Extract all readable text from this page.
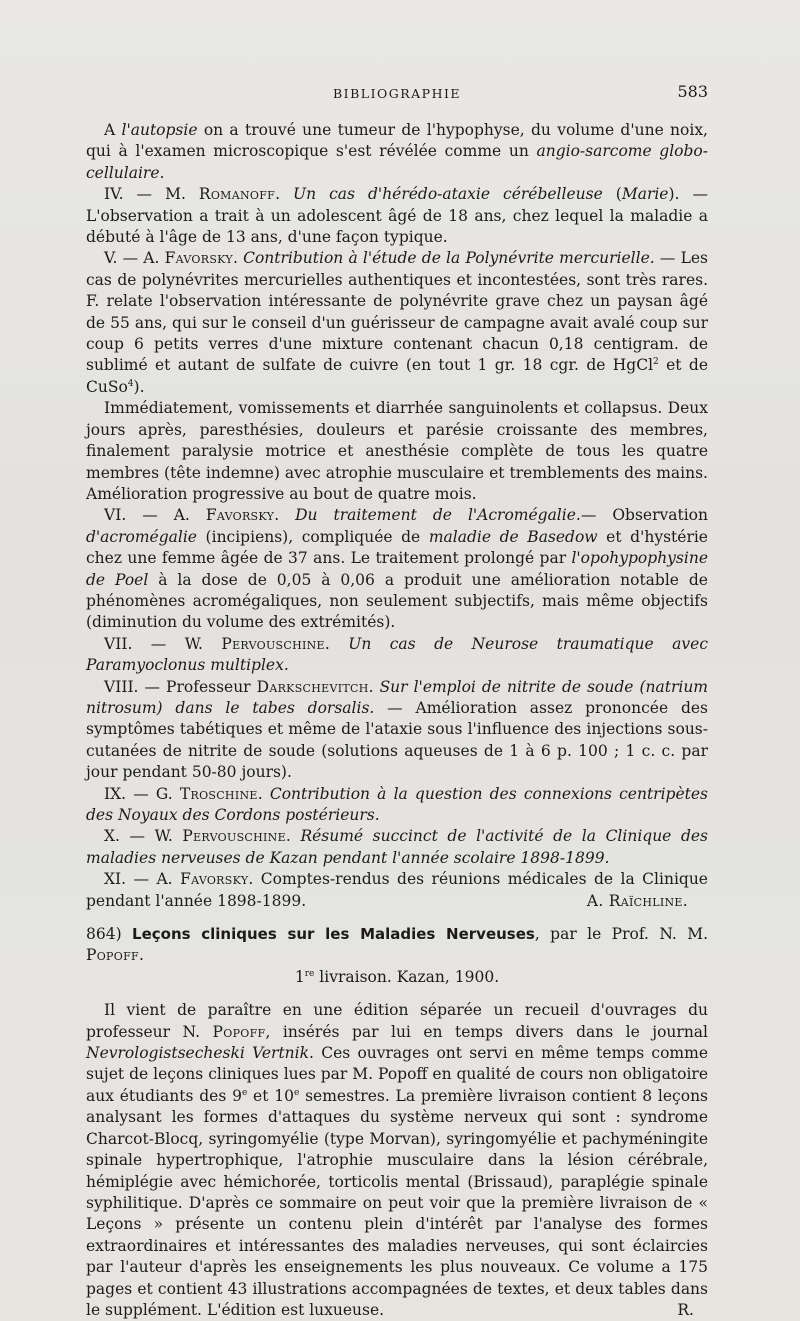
BIBLIOGRAPHIE	583

A l'autopsie on a trouvé une tumeur de l'hypophyse, du volume d'une noix, qui à l'examen microscopique s'est révélée comme un angio-sarcome globo-cellulaire.

IV. — M. Romanoff. Un cas d'hérédo-ataxie cérébelleuse (Marie). — L'observation a trait à un adolescent âgé de 18 ans, chez lequel la maladie a débuté à l'âge de 13 ans, d'une façon typique.

V. — A. Favorsky. Contribution à l'étude de la Polynévrite mercurielle. — Les cas de polynévrites mercurielles authentiques et incontestées, sont très rares. F. relate l'observation intéressante de polynévrite grave chez un paysan âgé de 55 ans, qui sur le conseil d'un guérisseur de campagne avait avalé coup sur coup 6 petits verres d'une mixture contenant chacun 0,18 centigram. de sublimé et autant de sulfate de cuivre (en tout 1 gr. 18 cgr. de HgCl$^2$ et de CuSo$^4$).

Immédiatement, vomissements et diarrhée sanguinolents et collapsus. Deux jours après, paresthésies, douleurs et parésie croissante des membres, finalement paralysie motrice et anesthésie complète de tous les quatre membres (tête indemne) avec atrophie musculaire et tremblements des mains. Amélioration progressive au bout de quatre mois.

VI. — A. Favorsky. Du traitement de l'Acromégalie.— Observation d'acromégalie (incipiens), compliquée de maladie de Basedow et d'hystérie chez une femme âgée de 37 ans. Le traitement prolongé par l'opohypophysine de Poel à la dose de 0,05 à 0,06 a produit une amélioration notable de phénomènes acromégaliques, non seulement subjectifs, mais même objectifs (diminution du volume des extrémités).

VII. — W. Pervouschine. Un cas de Neurose traumatique avec Paramyoclonus multiplex.

VIII. — Professeur Darkschevitch. Sur l'emploi de nitrite de soude (natrium nitrosum) dans le tabes dorsalis. — Amélioration assez prononcée des symptômes tabétiques et même de l'ataxie sous l'influence des injections sous-cutanées de nitrite de soude (solutions aqueuses de 1 à 6 p. 100 ; 1 c. c. par jour pendant 50-80 jours).

IX. — G. Troschine. Contribution à la question des connexions centripètes des Noyaux des Cordons postérieurs.

X. — W. Pervouschine. Résumé succinct de l'activité de la Clinique des maladies nerveuses de Kazan pendant l'année scolaire 1898-1899.

XI. — A. Favorsky. Comptes-rendus des réunions médicales de la Clinique pendant l'année 1898-1899.	A. Raïchline.

864) Leçons cliniques sur les Maladies Nerveuses, par le Prof. N. M. Popoff.

1re livraison. Kazan, 1900.

Il vient de paraître en une édition séparée un recueil d'ouvrages du professeur N. Popoff, insérés par lui en temps divers dans le journal Nevrologistsecheski Vertnik. Ces ouvrages ont servi en même temps comme sujet de leçons cliniques lues par M. Popoff en qualité de cours non obligatoire aux étudiants des 9e et 10e semestres. La première livraison contient 8 leçons analysant les formes d'attaques du système nerveux qui sont : syndrome Charcot-Blocq, syringomyélie (type Morvan), syringomyélie et pachyméningite spinale hypertrophique, l'atrophie musculaire dans la lésion cérébrale, hémiplégie avec hémichorée, torticolis mental (Brissaud), paraplégie spinale syphilitique. D'après ce sommaire on peut voir que la première livraison de « Leçons » présente un contenu plein d'intérêt par l'analyse des formes extraordinaires et intéressantes des maladies nerveuses, qui sont éclaircies par l'auteur d'après les enseignements les plus nouveaux. Ce volume a 175 pages et contient 43 illustrations accompagnées de textes, et deux tables dans le supplément. L'édition est luxueuse.	R.
